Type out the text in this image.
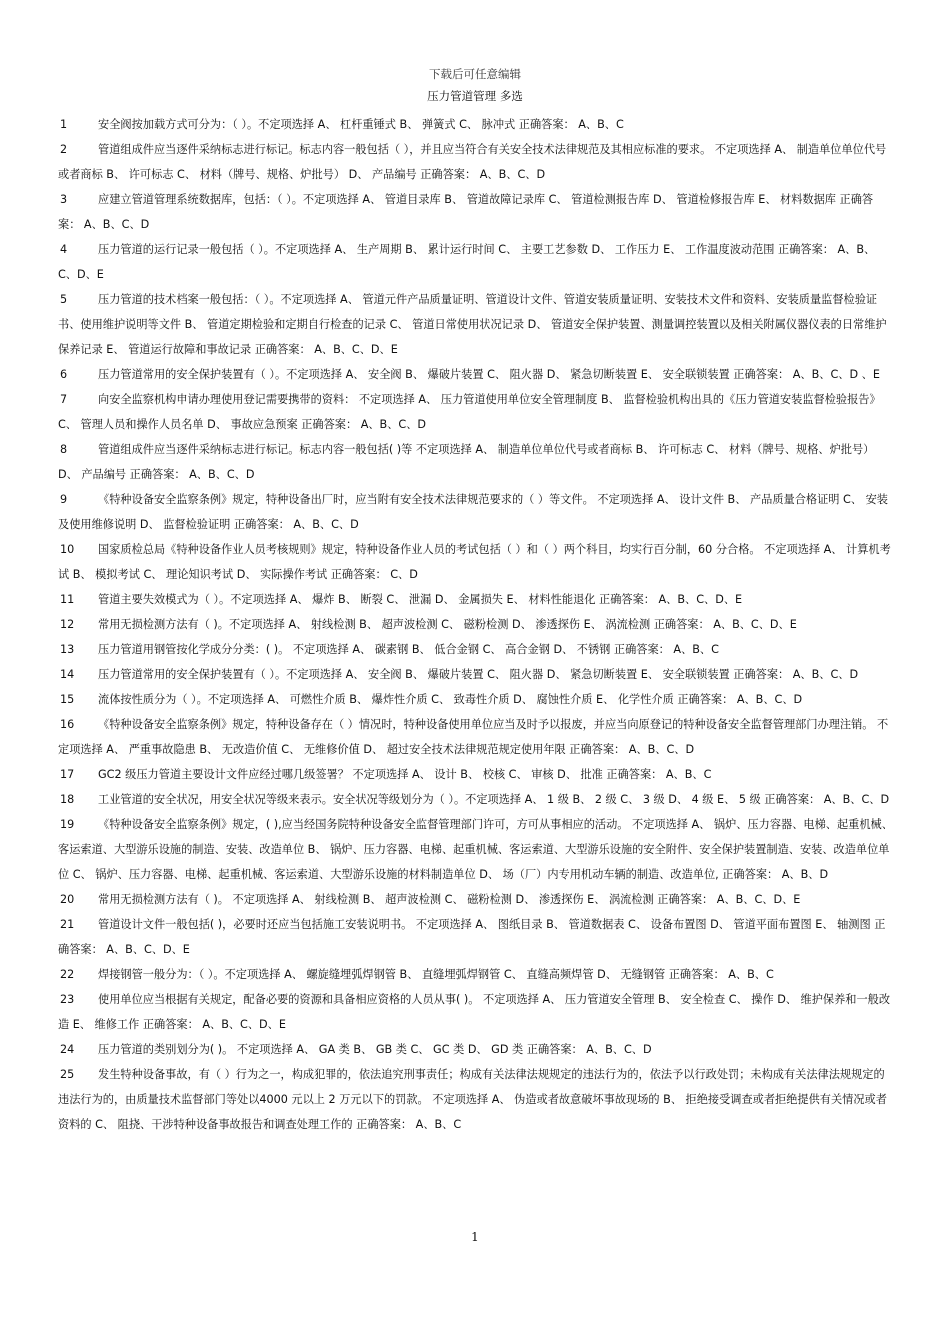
下载后可任意编辑
压力管道管理 多选
1	安全阀按加载方式可分为：（ ）。不定项选择 A、 杠杆重锤式 B、 弹簧式 C、 脉冲式 正确答案： A、B、C
2	管道组成件应当逐件采纳标志进行标记。标志内容一般包括（ ），并且应当符合有关安全技术法律规范及其相应标准的要求。 不定项选择 A、 制造单位单位代号或者商标 B、 许可标志 C、 材料（牌号、规格、炉批号） D、 产品编号 正确答案： A、B、C、D
3	应建立管道管理系统数据库，包括：（ ）。不定项选择 A、 管道目录库 B、 管道故障记录库 C、 管道检测报告库 D、 管道检修报告库 E、 材料数据库 正确答案： A、B、C、D
4	压力管道的运行记录一般包括（ ）。不定项选择 A、 生产周期 B、 累计运行时间 C、 主要工艺参数 D、 工作压力 E、 工作温度波动范围 正确答案： A、B、C、D、E
5	压力管道的技术档案一般包括：（ ）。不定项选择 A、 管道元件产品质量证明、管道设计文件、管道安装质量证明、安装技术文件和资料、安装质量监督检验证书、使用维护说明等文件 B、 管道定期检验和定期自行检查的记录 C、 管道日常使用状况记录 D、 管道安全保护装置、测量调控装置以及相关附属仪器仪表的日常维护保养记录 E、 管道运行故障和事故记录 正确答案： A、B、C、D、E
6	压力管道常用的安全保护装置有（ ）。不定项选择 A、 安全阀 B、 爆破片装置 C、 阻火器 D、 紧急切断装置 E、 安全联锁装置 正确答案： A、B、C、D 、E
7	向安全监察机构申请办理使用登记需要携带的资料： 不定项选择 A、 压力管道使用单位安全管理制度 B、 监督检验机构出具的《压力管道安装监督检验报告》 C、 管理人员和操作人员名单 D、 事故应急预案 正确答案： A、B、C、D
8	管道组成件应当逐件采纳标志进行标记。标志内容一般包括( )等 不定项选择 A、 制造单位单位代号或者商标 B、 许可标志 C、 材料（牌号、规格、炉批号） D、 产品编号 正确答案： A、B、C、D
9	《特种设备安全监察条例》规定，特种设备出厂时，应当附有安全技术法律规范要求的（ ）等文件。 不定项选择 A、 设计文件 B、 产品质量合格证明 C、 安装及使用维修说明 D、 监督检验证明 正确答案： A、B、C、D
10 国家质检总局《特种设备作业人员考核规则》规定，特种设备作业人员的考试包括（ ）和（ ）两个科目，均实行百分制，60 分合格。 不定项选择 A、 计算机考试 B、 模拟考试 C、 理论知识考试 D、 实际操作考试 正确答案： C、D
11 管道主要失效模式为（ ）。不定项选择 A、 爆炸 B、 断裂 C、 泄漏 D、 金属损失 E、 材料性能退化 正确答案： A、B、C、D、E
12 常用无损检测方法有（ )。不定项选择 A、 射线检测 B、 超声波检测 C、 磁粉检测 D、 渗透探伤 E、 涡流检测 正确答案： A、B、C、D、E
13 压力管道用钢管按化学成分分类：( )。 不定项选择 A、 碳素钢 B、 低合金钢 C、 高合金钢 D、 不锈钢 正确答案： A、B、C
14 压力管道常用的安全保护装置有（ ）。不定项选择 A、 安全阀 B、 爆破片装置 C、 阻火器 D、 紧急切断装置 E、 安全联锁装置 正确答案： A、B、C、D
15 流体按性质分为（ ）。不定项选择 A、 可燃性介质 B、 爆炸性介质 C、 致毒性介质 D、 腐蚀性介质 E、 化学性介质 正确答案： A、B、C、D
16 《特种设备安全监察条例》规定，特种设备存在（ ）情况时，特种设备使用单位应当及时予以报废，并应当向原登记的特种设备安全监督管理部门办理注销。 不定项选择 A、 严重事故隐患 B、 无改造价值 C、 无维修价值 D、 超过安全技术法律规范规定使用年限 正确答案： A、B、C、D
17 GC2 级压力管道主要设计文件应经过哪几级签署？ 不定项选择 A、 设计 B、 校核 C、 审核 D、 批准 正确答案： A、B、C
18 工业管道的安全状况，用安全状况等级来表示。安全状况等级划分为（ ）。不定项选择 A、 1 级 B、 2 级 C、 3 级 D、 4 级 E、 5 级 正确答案： A、B、C、D
19 《特种设备安全监察条例》规定，( ),应当经国务院特种设备安全监督管理部门许可，方可从事相应的活动。 不定项选择 A、 锅炉、压力容器、电梯、起重机械、客运索道、大型游乐设施的制造、安装、改造单位 B、 锅炉、压力容器、电梯、起重机械、客运索道、大型游乐设施的安全附件、安全保护装置制造、安装、改造单位单位 C、 锅炉、压力容器、电梯、起重机械、客运索道、大型游乐设施的材料制造单位 D、 场（厂）内专用机动车辆的制造、改造单位, 正确答案： A、B、D
20 常用无损检测方法有（ )。 不定项选择 A、 射线检测 B、 超声波检测 C、 磁粉检测 D、 渗透探伤 E、 涡流检测 正确答案： A、B、C、D、E
21 管道设计文件一般包括( )，必要时还应当包括施工安装说明书。 不定项选择 A、 图纸目录 B、 管道数据表 C、 设备布置图 D、 管道平面布置图 E、 轴测图 正确答案： A、B、C、D、E
22 焊接钢管一般分为：（ ）。不定项选择 A、 螺旋缝埋弧焊钢管 B、 直缝埋弧焊钢管 C、 直缝高频焊管 D、 无缝钢管 正确答案： A、B、C
23 使用单位应当根据有关规定，配备必要的资源和具备相应资格的人员从事( )。 不定项选择 A、 压力管道安全管理 B、 安全检查 C、 操作 D、 维护保养和一般改造 E、 维修工作 正确答案： A、B、C、D、E
24 压力管道的类别划分为( )。 不定项选择 A、 GA 类 B、 GB 类 C、 GC 类 D、 GD 类 正确答案： A、B、C、D
25 发生特种设备事故，有（ ）行为之一，构成犯罪的，依法追究刑事责任；构成有关法律法规规定的违法行为的，依法予以行政处罚；未构成有关法律法规规定的违法行为的，由质量技术监督部门等处以4000 元以上 2 万元以下的罚款。 不定项选择 A、 伪造或者故意破坏事故现场的 B、 拒绝接受调查或者拒绝提供有关情况或者资料的 C、 阻挠、干涉特种设备事故报告和调查处理工作的 正确答案： A、B、C
1
